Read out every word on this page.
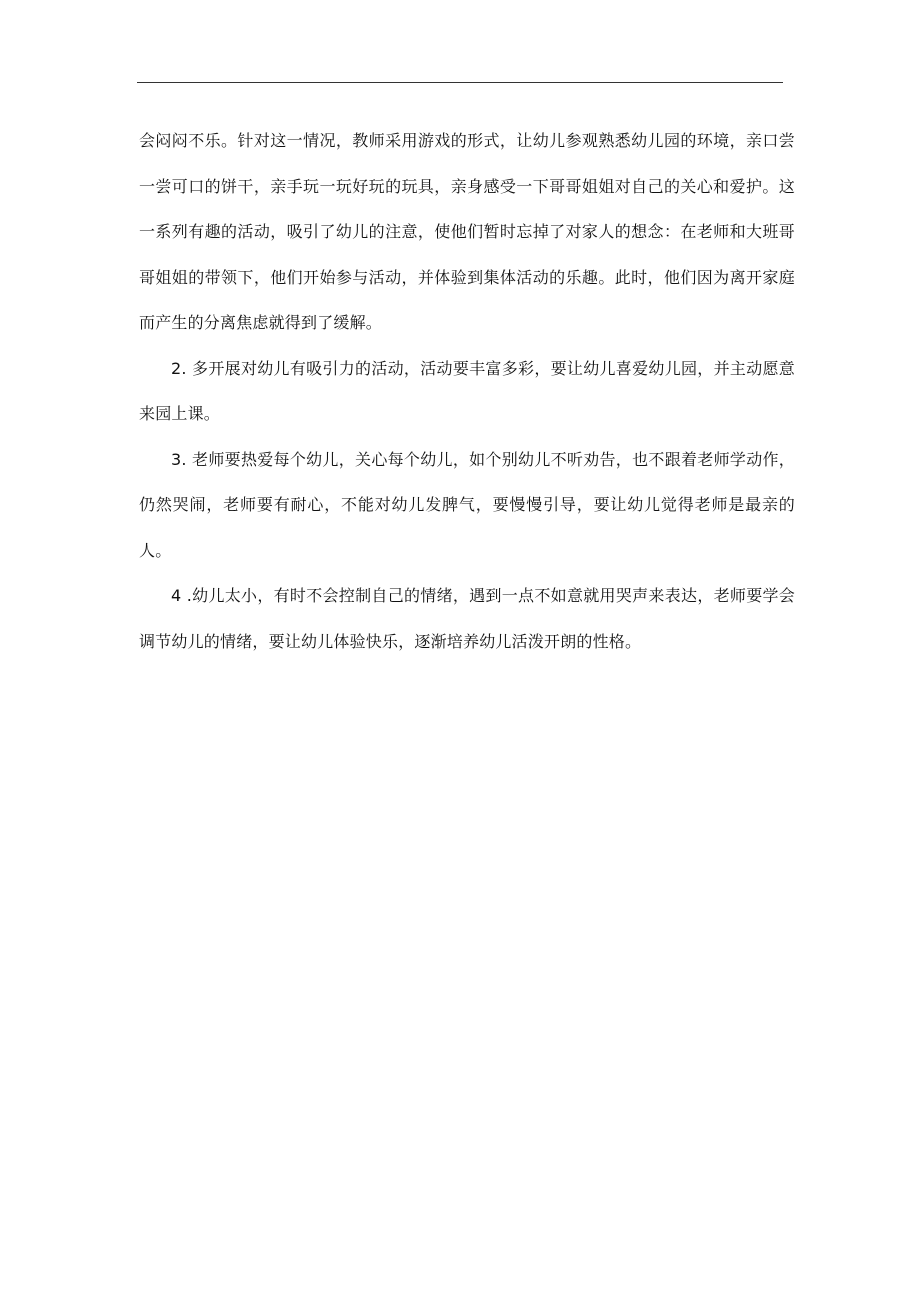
会闷闷不乐。针对这一情况，教师采用游戏的形式，让幼儿参观熟悉幼儿园的环境，亲口尝一尝可口的饼干，亲手玩一玩好玩的玩具，亲身感受一下哥哥姐姐对自己的关心和爱护。这一系列有趣的活动，吸引了幼儿的注意，使他们暂时忘掉了对家人的想念：在老师和大班哥哥姐姐的带领下，他们开始参与活动，并体验到集体活动的乐趣。此时，他们因为离开家庭而产生的分离焦虑就得到了缓解。

2. 多开展对幼儿有吸引力的活动，活动要丰富多彩，要让幼儿喜爱幼儿园，并主动愿意来园上课。

3. 老师要热爱每个幼儿，关心每个幼儿，如个别幼儿不听劝告，也不跟着老师学动作，仍然哭闹，老师要有耐心，不能对幼儿发脾气，要慢慢引导，要让幼儿觉得老师是最亲的人。

4 .幼儿太小，有时不会控制自己的情绪，遇到一点不如意就用哭声来表达，老师要学会调节幼儿的情绪，要让幼儿体验快乐，逐渐培养幼儿活泼开朗的性格。
